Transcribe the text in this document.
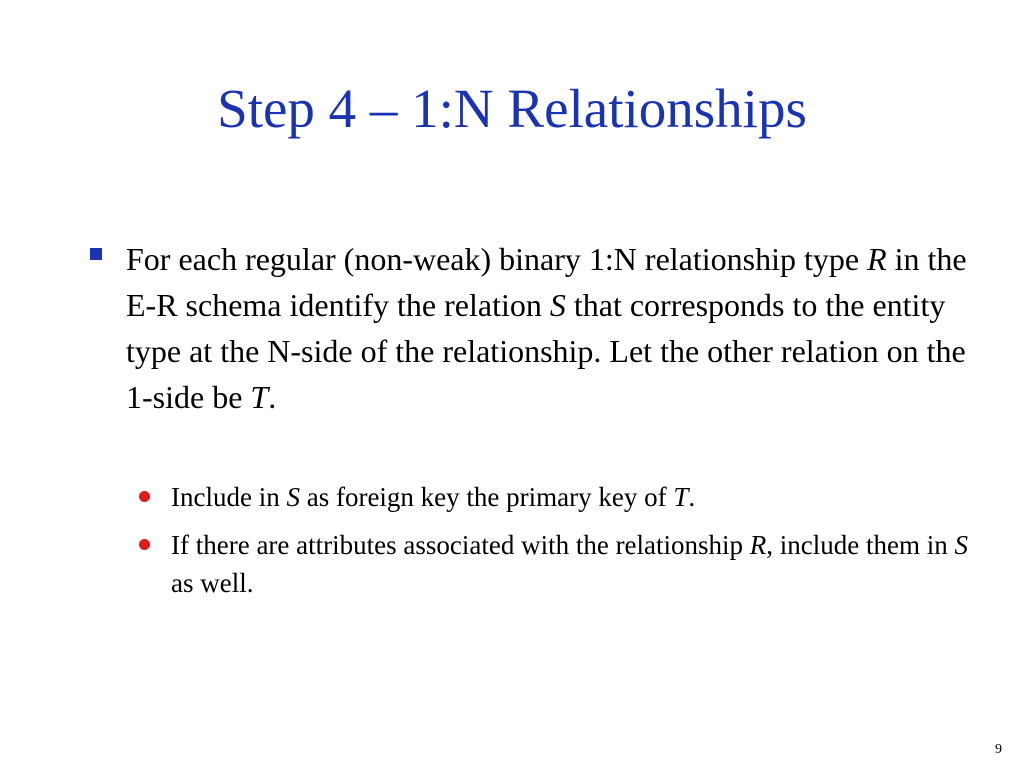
Step 4 – 1:N Relationships
For each regular (non-weak) binary 1:N relationship type R in the E-R schema identify the relation S that corresponds to the entity type at the N-side of the relationship. Let the other relation on the 1-side be T.
Include in S as foreign key the primary key of T.
If there are attributes associated with the relationship R, include them in S as well.
9
